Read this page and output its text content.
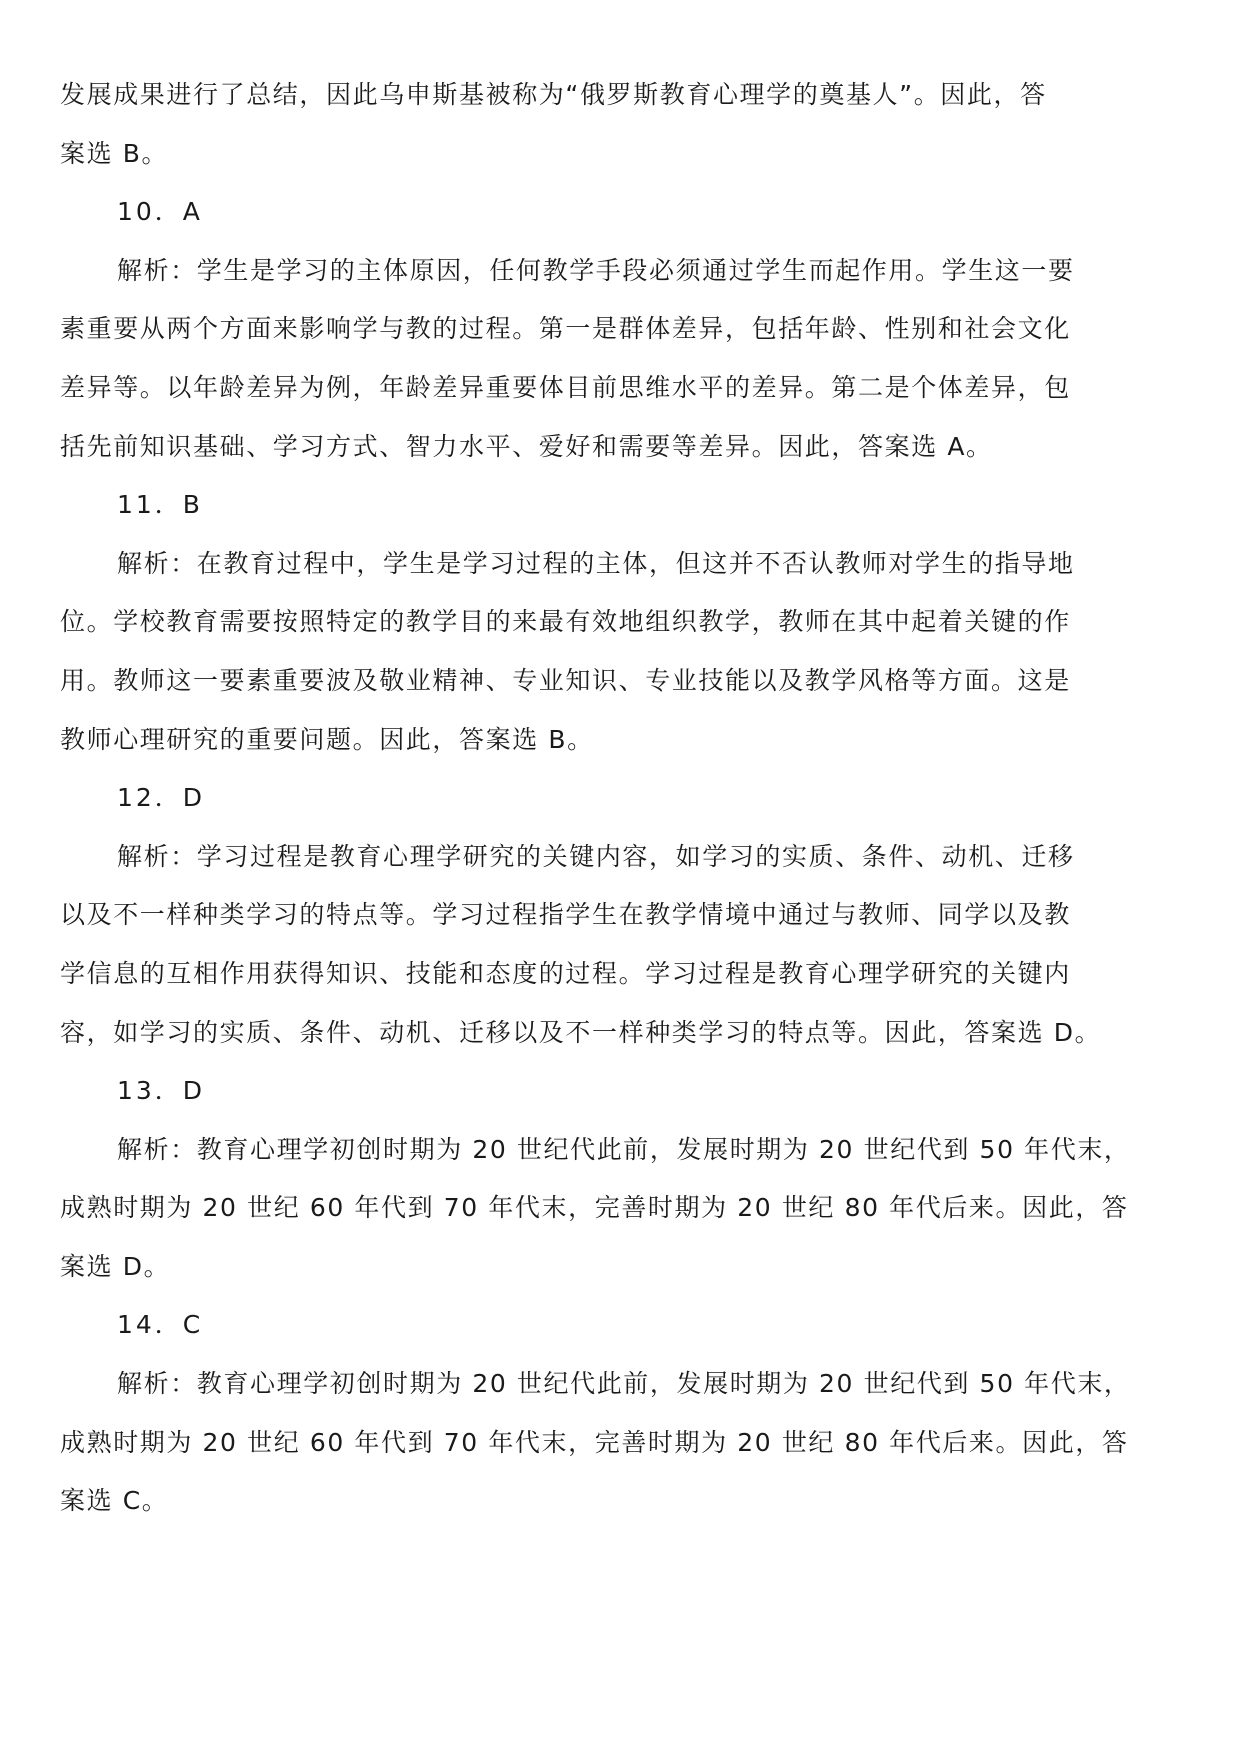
发展成果进行了总结，因此乌申斯基被称为“俄罗斯教育心理学的奠基人”。因此，答
案选 B。
10．A
解析：学生是学习的主体原因，任何教学手段必须通过学生而起作用。学生这一要
素重要从两个方面来影响学与教的过程。第一是群体差异，包括年龄、性别和社会文化
差异等。以年龄差异为例，年龄差异重要体目前思维水平的差异。第二是个体差异，包
括先前知识基础、学习方式、智力水平、爱好和需要等差异。因此，答案选 A。
11．B
解析：在教育过程中，学生是学习过程的主体，但这并不否认教师对学生的指导地
位。学校教育需要按照特定的教学目的来最有效地组织教学，教师在其中起着关键的作
用。教师这一要素重要波及敬业精神、专业知识、专业技能以及教学风格等方面。这是
教师心理研究的重要问题。因此，答案选 B。
12．D
解析：学习过程是教育心理学研究的关键内容，如学习的实质、条件、动机、迁移
以及不一样种类学习的特点等。学习过程指学生在教学情境中通过与教师、同学以及教
学信息的互相作用获得知识、技能和态度的过程。学习过程是教育心理学研究的关键内
容，如学习的实质、条件、动机、迁移以及不一样种类学习的特点等。因此，答案选 D。
13．D
解析：教育心理学初创时期为 20 世纪代此前，发展时期为 20 世纪代到 50 年代末，
成熟时期为 20 世纪 60 年代到 70 年代末，完善时期为 20 世纪 80 年代后来。因此，答
案选 D。
14．C
解析：教育心理学初创时期为 20 世纪代此前，发展时期为 20 世纪代到 50 年代末，
成熟时期为 20 世纪 60 年代到 70 年代末，完善时期为 20 世纪 80 年代后来。因此，答
案选 C。
